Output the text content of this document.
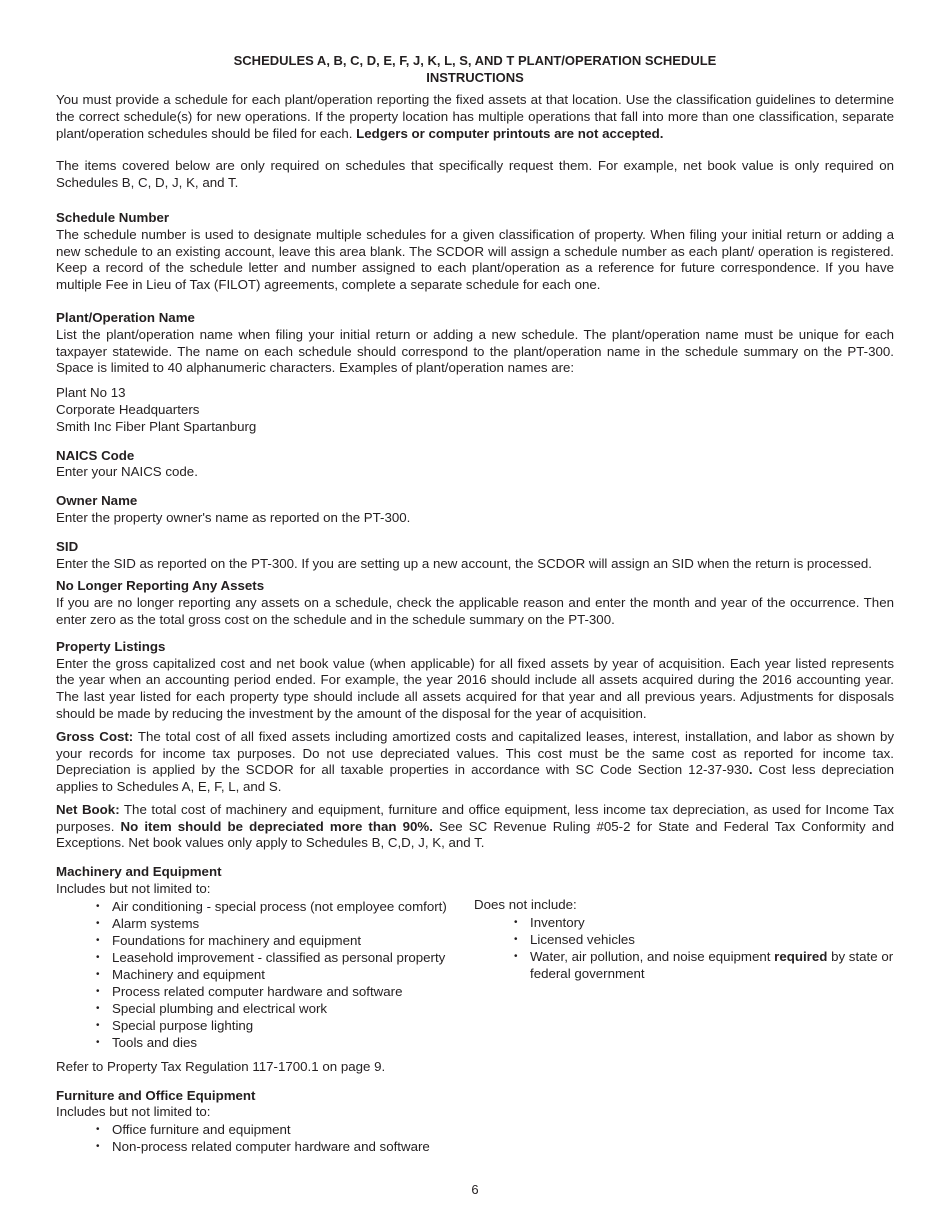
SCHEDULES A, B, C, D, E, F, J, K, L, S, AND T PLANT/OPERATION SCHEDULE
INSTRUCTIONS

You must provide a schedule for each plant/operation reporting the fixed assets at that location. Use the classification guidelines to determine the correct schedule(s) for new operations. If the property location has multiple operations that fall into more than one classification, separate plant/operation schedules should be filed for each. Ledgers or computer printouts are not accepted.

The items covered below are only required on schedules that specifically request them. For example, net book value is only required on Schedules B, C, D, J, K, and T.

Schedule Number

The schedule number is used to designate multiple schedules for a given classification of property. When filing your initial return or adding a new schedule to an existing account, leave this area blank. The SCDOR will assign a schedule number as each plant/ operation is registered. Keep a record of the schedule letter and number assigned to each plant/operation as a reference for future correspondence. If you have multiple Fee in Lieu of Tax (FILOT) agreements, complete a separate schedule for each one.

Plant/Operation Name

List the plant/operation name when filing your initial return or adding a new schedule. The plant/operation name must be unique for each taxpayer statewide. The name on each schedule should correspond to the plant/operation name in the schedule summary on the PT-300. Space is limited to 40 alphanumeric characters. Examples of plant/operation names are:

Plant No 13
Corporate Headquarters
Smith Inc Fiber Plant Spartanburg
NAICS Code

Enter your NAICS code.

Owner Name

Enter the property owner's name as reported on the PT-300.

SID

Enter the SID as reported on the PT-300. If you are setting up a new account, the SCDOR will assign an SID when the return is processed.

No Longer Reporting Any Assets

If you are no longer reporting any assets on a schedule, check the applicable reason and enter the month and year of the occurrence. Then enter zero as the total gross cost on the schedule and in the schedule summary on the PT-300.

Property Listings

Enter the gross capitalized cost and net book value (when applicable) for all fixed assets by year of acquisition. Each year listed represents the year when an accounting period ended. For example, the year 2016 should include all assets acquired during the 2016 accounting year. The last year listed for each property type should include all assets acquired for that year and all previous years. Adjustments for disposals should be made by reducing the investment by the amount of the disposal for the year of acquisition.

Gross Cost: The total cost of all fixed assets including amortized costs and capitalized leases, interest, installation, and labor as shown by your records for income tax purposes. Do not use depreciated values. This cost must be the same cost as reported for income tax. Depreciation is applied by the SCDOR for all taxable properties in accordance with SC Code Section 12-37-930. Cost less depreciation applies to Schedules A, E, F, L, and S.

Net Book: The total cost of machinery and equipment, furniture and office equipment, less income tax depreciation, as used for Income Tax purposes. No item should be depreciated more than 90%. See SC Revenue Ruling #05-2 for State and Federal Tax Conformity and Exceptions. Net book values only apply to Schedules B, C,D, J, K, and T.

Machinery and Equipment
Includes but not limited to:
• Air conditioning - special process (not employee comfort)
• Alarm systems
• Foundations for machinery and equipment
• Leasehold improvement - classified as personal property
• Machinery and equipment
• Process related computer hardware and software
• Special plumbing and electrical work
• Special purpose lighting
• Tools and dies
Does not include:
• Inventory
• Licensed vehicles
• Water, air pollution, and noise equipment required by state or federal government

Refer to Property Tax Regulation 117-1700.1 on page 9.

Furniture and Office Equipment
Includes but not limited to:
• Office furniture and equipment
• Non-process related computer hardware and software
6
